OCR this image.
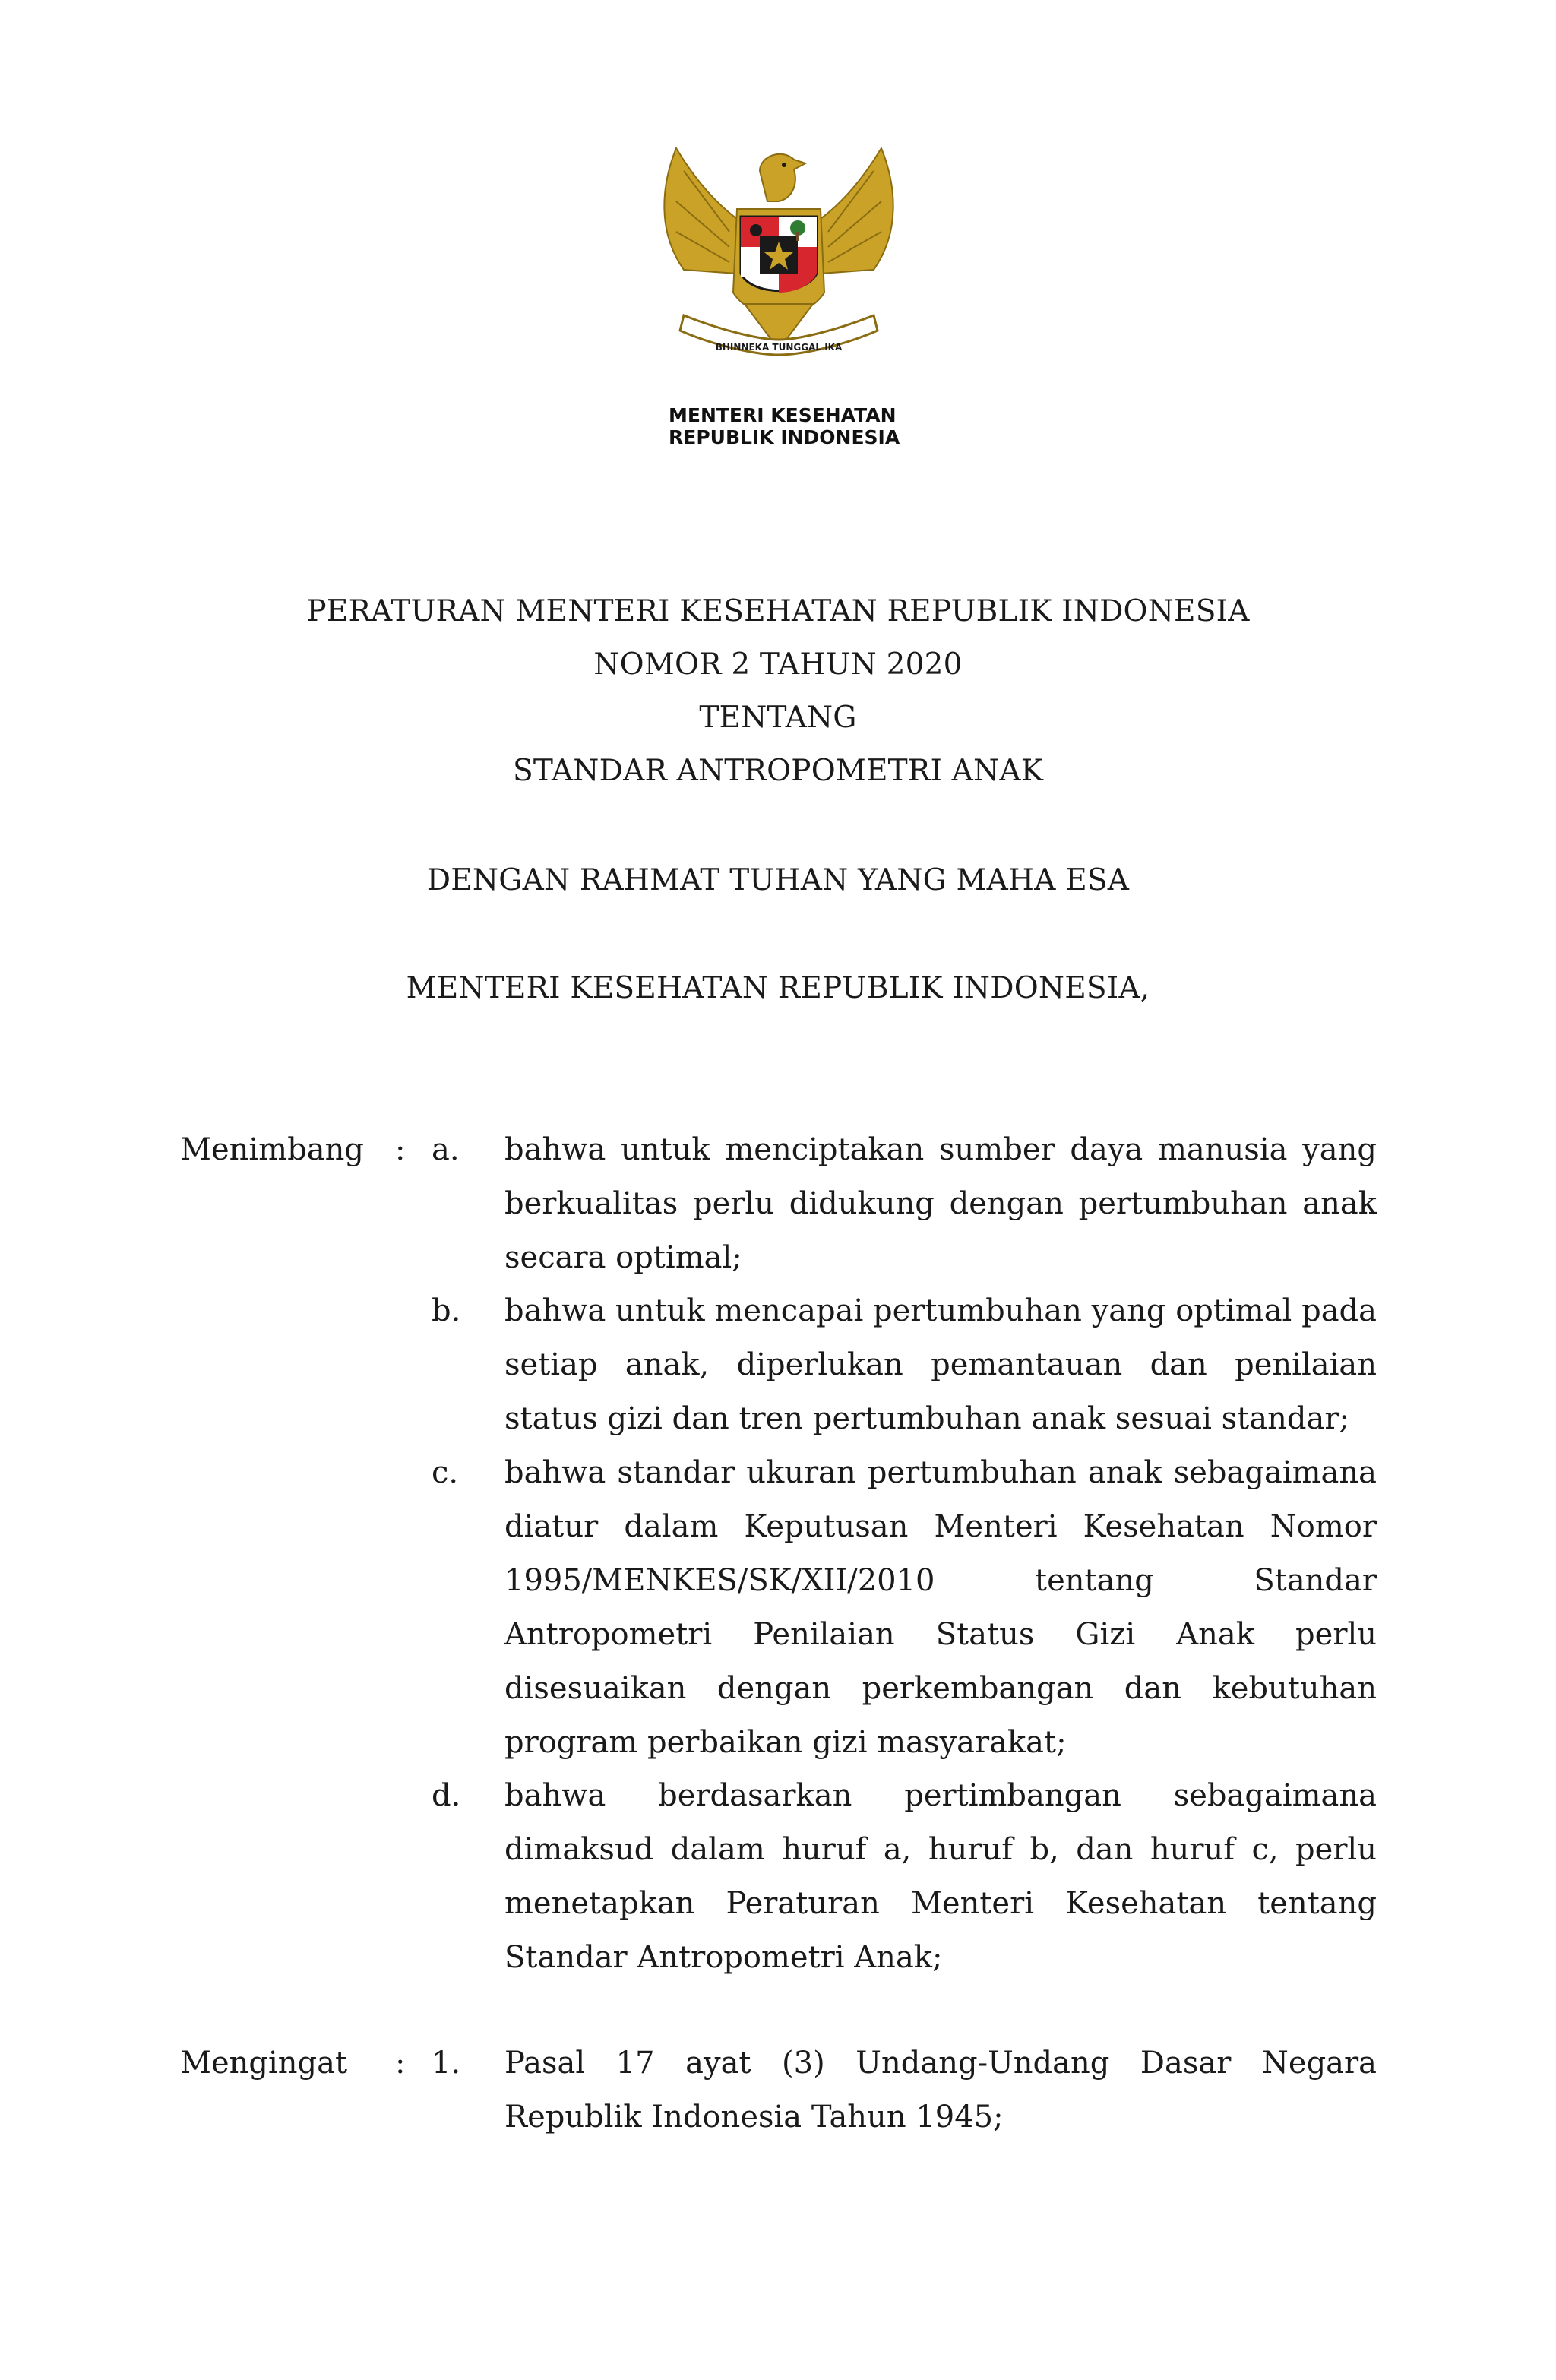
BHINNEKA TUNGGAL IKA
MENTERI KESEHATAN
REPUBLIK INDONESIA
PERATURAN MENTERI KESEHATAN REPUBLIK INDONESIA
NOMOR 2 TAHUN 2020
TENTANG
STANDAR ANTROPOMETRI ANAK
DENGAN RAHMAT TUHAN YANG MAHA ESA
MENTERI KESEHATAN REPUBLIK INDONESIA,
Menimbang : a. bahwa untuk menciptakan sumber daya manusia yang berkualitas perlu didukung dengan pertumbuhan anak secara optimal;
b. bahwa untuk mencapai pertumbuhan yang optimal pada setiap anak, diperlukan pemantauan dan penilaian status gizi dan tren pertumbuhan anak sesuai standar;
c. bahwa standar ukuran pertumbuhan anak sebagaimana diatur dalam Keputusan Menteri Kesehatan Nomor 1995/MENKES/SK/XII/2010 tentang Standar Antropometri Penilaian Status Gizi Anak perlu disesuaikan dengan perkembangan dan kebutuhan program perbaikan gizi masyarakat;
d. bahwa berdasarkan pertimbangan sebagaimana dimaksud dalam huruf a, huruf b, dan huruf c, perlu menetapkan Peraturan Menteri Kesehatan tentang Standar Antropometri Anak;
Mengingat : 1. Pasal 17 ayat (3) Undang-Undang Dasar Negara Republik Indonesia Tahun 1945;
